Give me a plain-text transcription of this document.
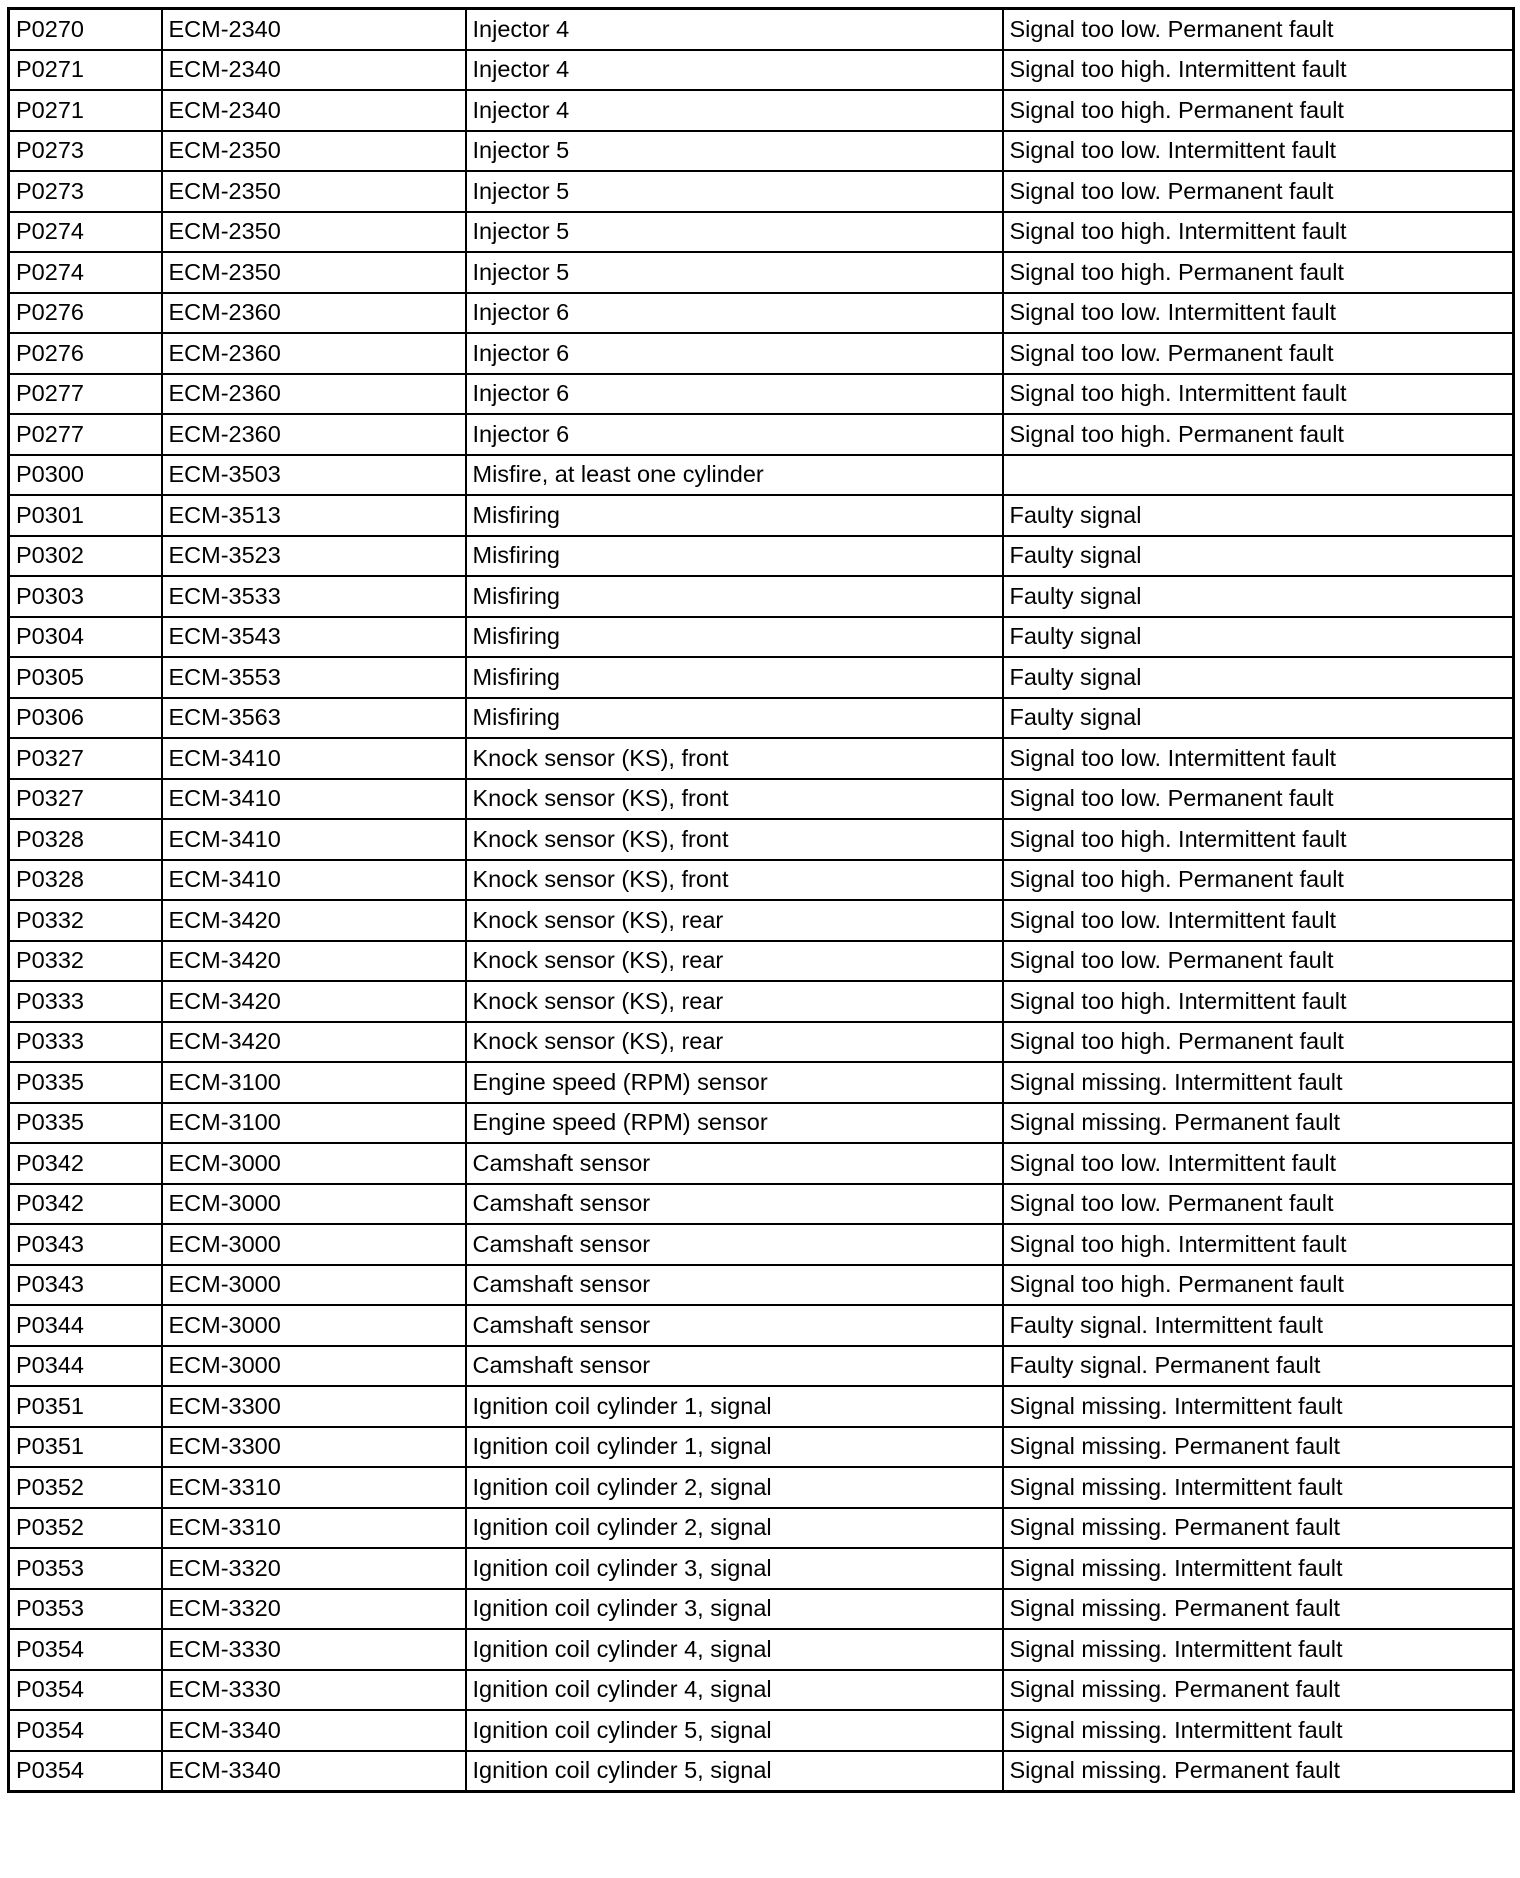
P0270	ECM-2340	Injector 4	Signal too low. Permanent fault
P0271	ECM-2340	Injector 4	Signal too high. Intermittent fault
P0271	ECM-2340	Injector 4	Signal too high. Permanent fault
P0273	ECM-2350	Injector 5	Signal too low. Intermittent fault
P0273	ECM-2350	Injector 5	Signal too low. Permanent fault
P0274	ECM-2350	Injector 5	Signal too high. Intermittent fault
P0274	ECM-2350	Injector 5	Signal too high. Permanent fault
P0276	ECM-2360	Injector 6	Signal too low. Intermittent fault
P0276	ECM-2360	Injector 6	Signal too low. Permanent fault
P0277	ECM-2360	Injector 6	Signal too high. Intermittent fault
P0277	ECM-2360	Injector 6	Signal too high. Permanent fault
P0300	ECM-3503	Misfire, at least one cylinder	
P0301	ECM-3513	Misfiring	Faulty signal
P0302	ECM-3523	Misfiring	Faulty signal
P0303	ECM-3533	Misfiring	Faulty signal
P0304	ECM-3543	Misfiring	Faulty signal
P0305	ECM-3553	Misfiring	Faulty signal
P0306	ECM-3563	Misfiring	Faulty signal
P0327	ECM-3410	Knock sensor (KS), front	Signal too low. Intermittent fault
P0327	ECM-3410	Knock sensor (KS), front	Signal too low. Permanent fault
P0328	ECM-3410	Knock sensor (KS), front	Signal too high. Intermittent fault
P0328	ECM-3410	Knock sensor (KS), front	Signal too high. Permanent fault
P0332	ECM-3420	Knock sensor (KS), rear	Signal too low. Intermittent fault
P0332	ECM-3420	Knock sensor (KS), rear	Signal too low. Permanent fault
P0333	ECM-3420	Knock sensor (KS), rear	Signal too high. Intermittent fault
P0333	ECM-3420	Knock sensor (KS), rear	Signal too high. Permanent fault
P0335	ECM-3100	Engine speed (RPM) sensor	Signal missing. Intermittent fault
P0335	ECM-3100	Engine speed (RPM) sensor	Signal missing. Permanent fault
P0342	ECM-3000	Camshaft sensor	Signal too low. Intermittent fault
P0342	ECM-3000	Camshaft sensor	Signal too low. Permanent fault
P0343	ECM-3000	Camshaft sensor	Signal too high. Intermittent fault
P0343	ECM-3000	Camshaft sensor	Signal too high. Permanent fault
P0344	ECM-3000	Camshaft sensor	Faulty signal. Intermittent fault
P0344	ECM-3000	Camshaft sensor	Faulty signal. Permanent fault
P0351	ECM-3300	Ignition coil cylinder 1, signal	Signal missing. Intermittent fault
P0351	ECM-3300	Ignition coil cylinder 1, signal	Signal missing. Permanent fault
P0352	ECM-3310	Ignition coil cylinder 2, signal	Signal missing. Intermittent fault
P0352	ECM-3310	Ignition coil cylinder 2, signal	Signal missing. Permanent fault
P0353	ECM-3320	Ignition coil cylinder 3, signal	Signal missing. Intermittent fault
P0353	ECM-3320	Ignition coil cylinder 3, signal	Signal missing. Permanent fault
P0354	ECM-3330	Ignition coil cylinder 4, signal	Signal missing. Intermittent fault
P0354	ECM-3330	Ignition coil cylinder 4, signal	Signal missing. Permanent fault
P0354	ECM-3340	Ignition coil cylinder 5, signal	Signal missing. Intermittent fault
P0354	ECM-3340	Ignition coil cylinder 5, signal	Signal missing. Permanent fault
